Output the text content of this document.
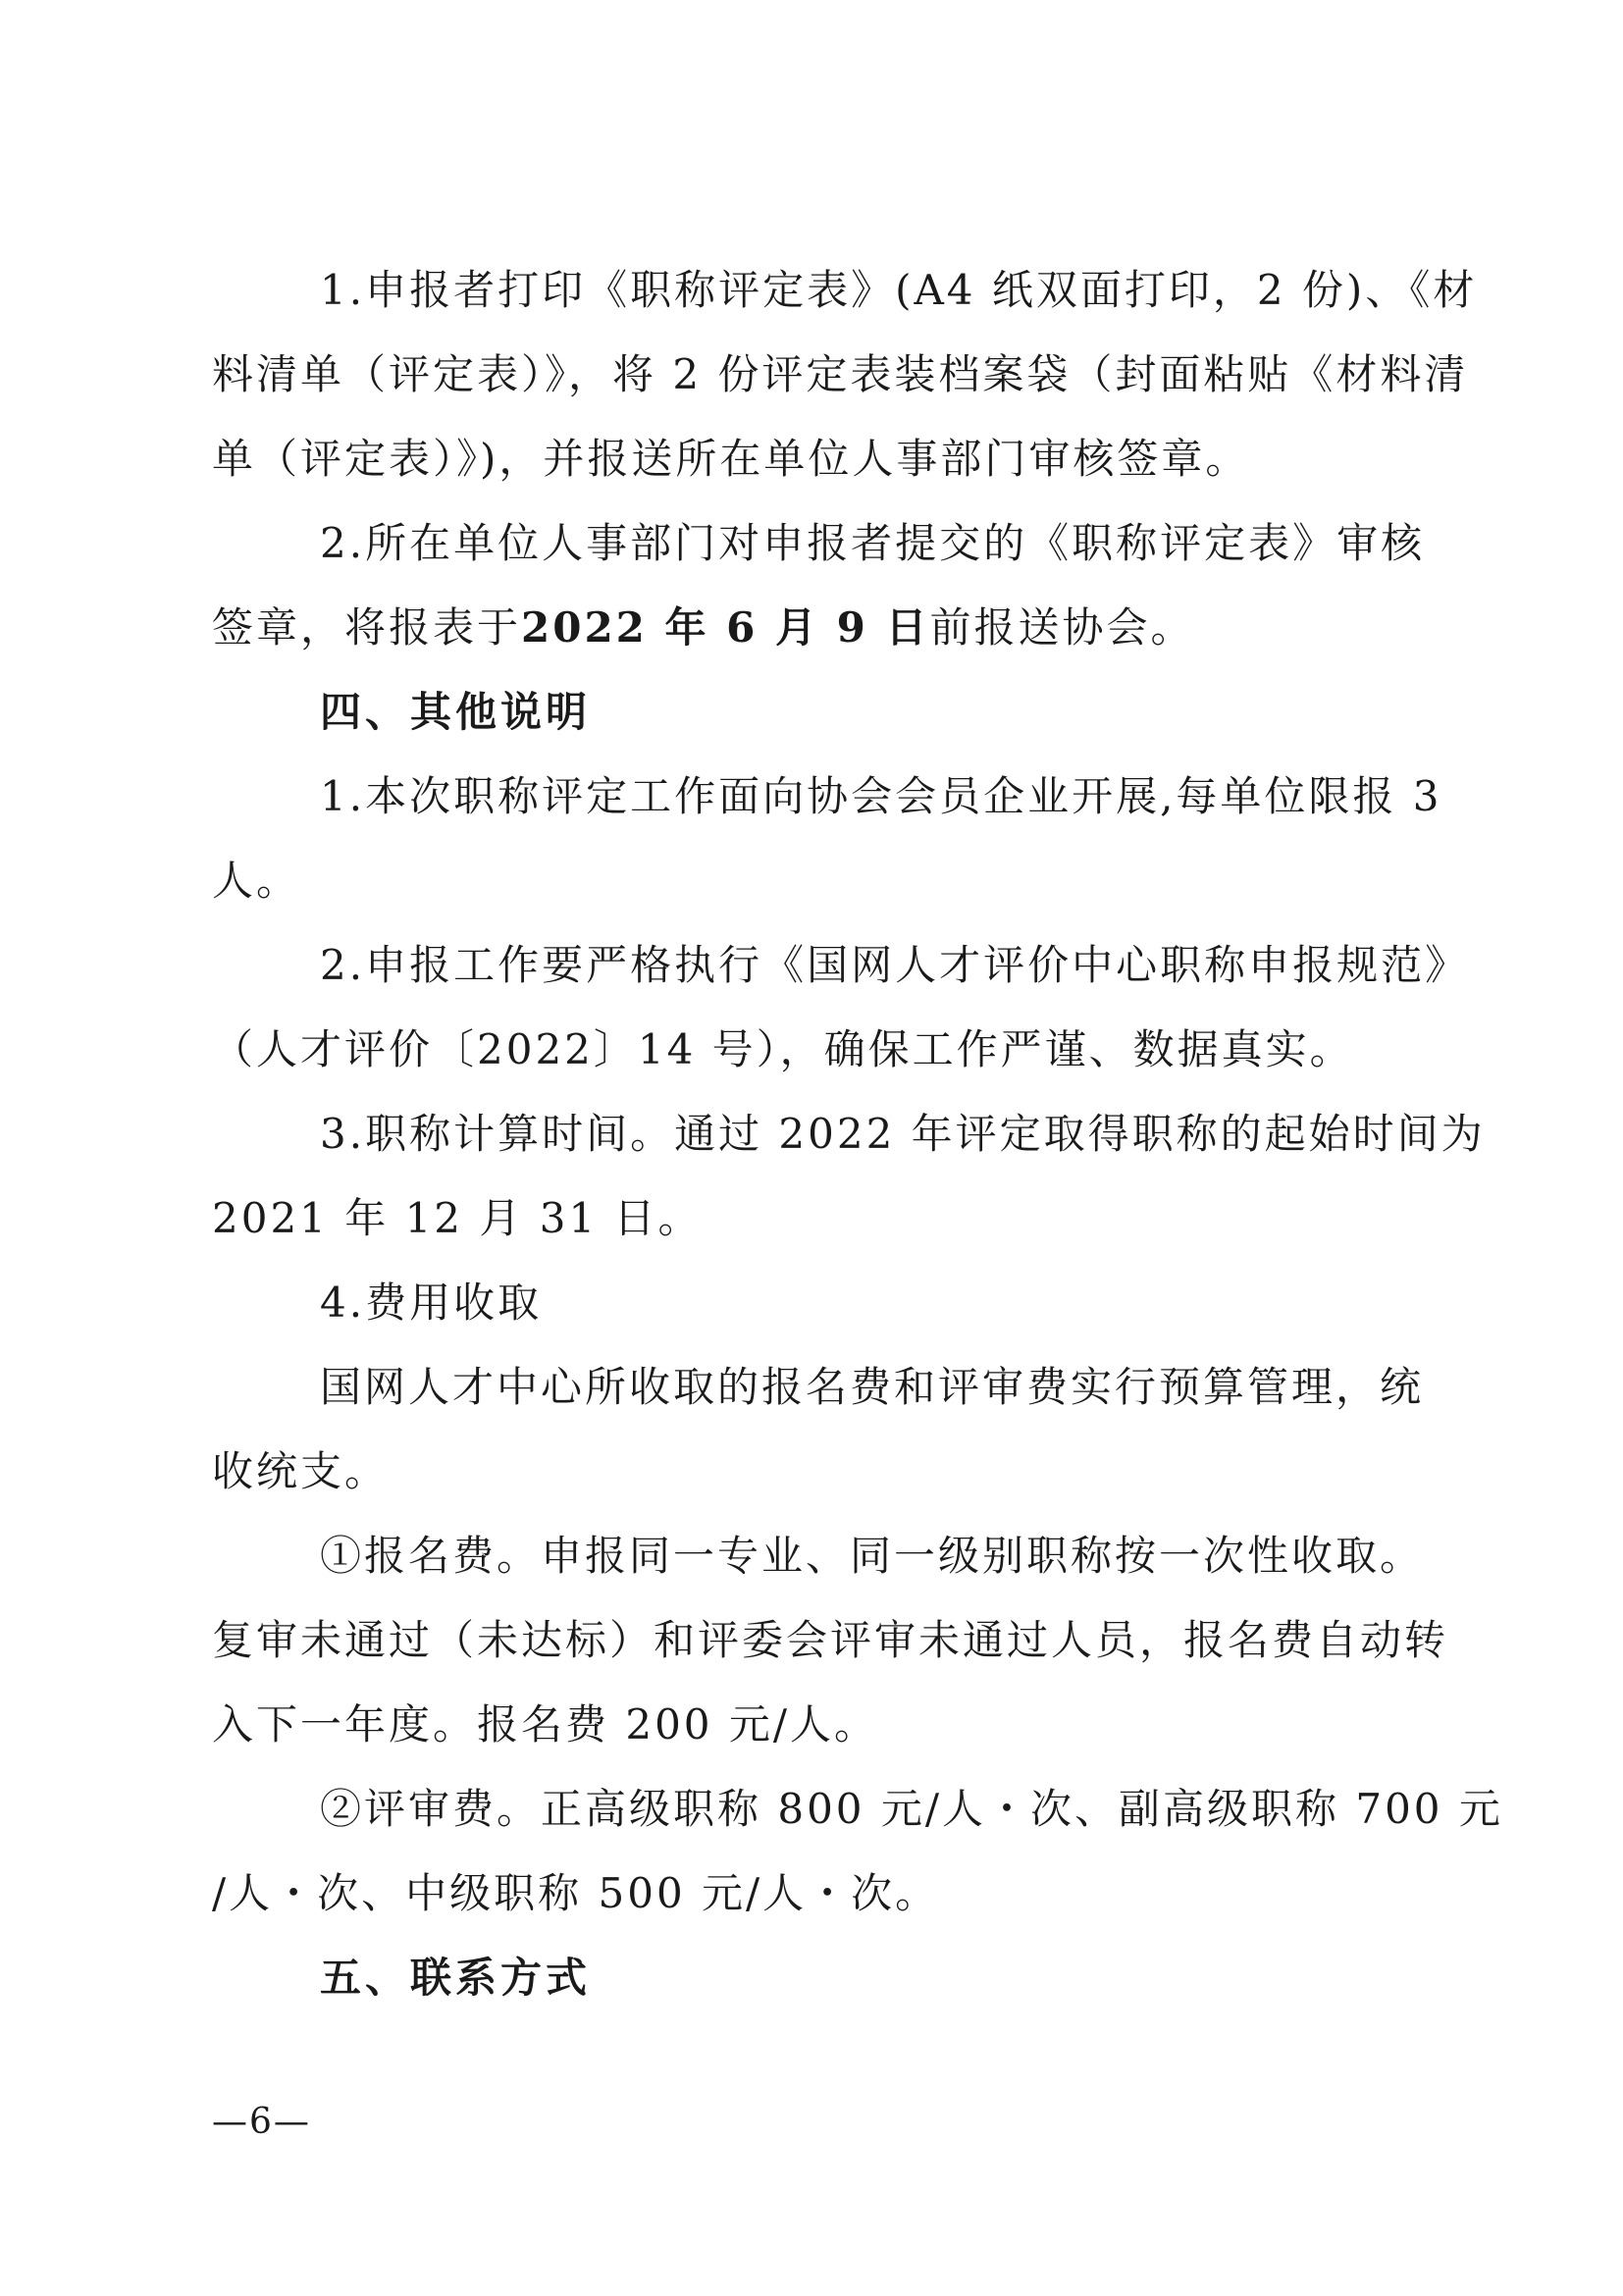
1.申报者打印《职称评定表》(A4 纸双面打印，2 份)、《材
料清单（评定表）》，将 2 份评定表装档案袋（封面粘贴《材料清
单（评定表）》)，并报送所在单位人事部门审核签章。
2.所在单位人事部门对申报者提交的《职称评定表》审核
签章，将报表于2022 年 6 月 9 日前报送协会。
四、其他说明
1.本次职称评定工作面向协会会员企业开展,每单位限报 3
人。
2.申报工作要严格执行《国网人才评价中心职称申报规范》
（人才评价〔2022〕14 号），确保工作严谨、数据真实。
3.职称计算时间。通过 2022 年评定取得职称的起始时间为
2021 年 12 月 31 日。
4.费用收取
国网人才中心所收取的报名费和评审费实行预算管理，统
收统支。
①报名费。申报同一专业、同一级别职称按一次性收取。
复审未通过（未达标）和评委会评审未通过人员，报名费自动转
入下一年度。报名费 200 元/人。
②评审费。正高级职称 800 元/人・次、副高级职称 700 元
/人・次、中级职称 500 元/人・次。
五、联系方式
—6—
